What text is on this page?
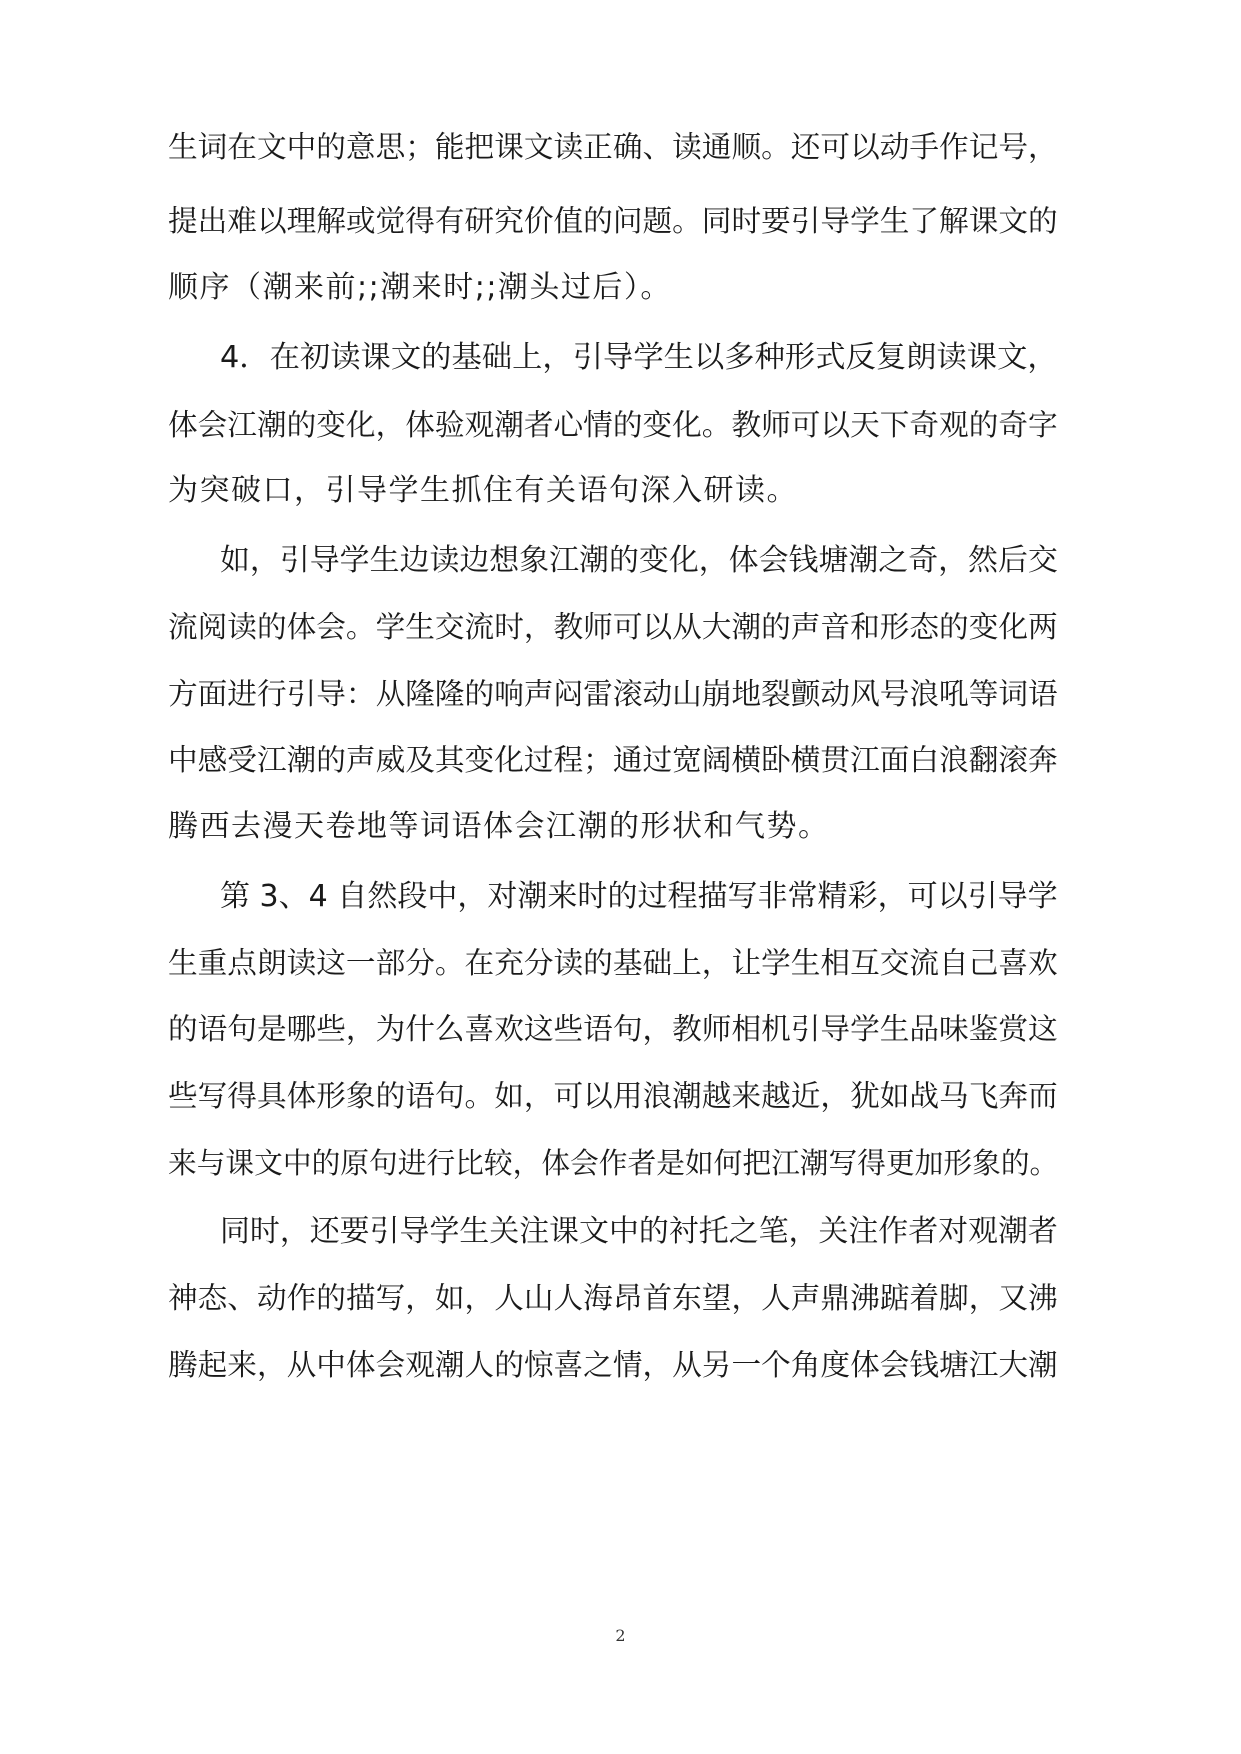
生词在文中的意思；能把课文读正确、读通顺。还可以动手作记号，
提出难以理解或觉得有研究价值的问题。同时要引导学生了解课文的
顺序（潮来前;;潮来时;;潮头过后）。
4．在初读课文的基础上，引导学生以多种形式反复朗读课文，
体会江潮的变化，体验观潮者心情的变化。教师可以天下奇观的奇字
为突破口，引导学生抓住有关语句深入研读。
如，引导学生边读边想象江潮的变化，体会钱塘潮之奇，然后交
流阅读的体会。学生交流时，教师可以从大潮的声音和形态的变化两
方面进行引导：从隆隆的响声闷雷滚动山崩地裂颤动风号浪吼等词语
中感受江潮的声威及其变化过程；通过宽阔横卧横贯江面白浪翻滚奔
腾西去漫天卷地等词语体会江潮的形状和气势。
第 3、4 自然段中，对潮来时的过程描写非常精彩，可以引导学
生重点朗读这一部分。在充分读的基础上，让学生相互交流自己喜欢
的语句是哪些，为什么喜欢这些语句，教师相机引导学生品味鉴赏这
些写得具体形象的语句。如，可以用浪潮越来越近，犹如战马飞奔而
来与课文中的原句进行比较，体会作者是如何把江潮写得更加形象的。
同时，还要引导学生关注课文中的衬托之笔，关注作者对观潮者
神态、动作的描写，如，人山人海昂首东望，人声鼎沸踮着脚，又沸
腾起来，从中体会观潮人的惊喜之情，从另一个角度体会钱塘江大潮
2
